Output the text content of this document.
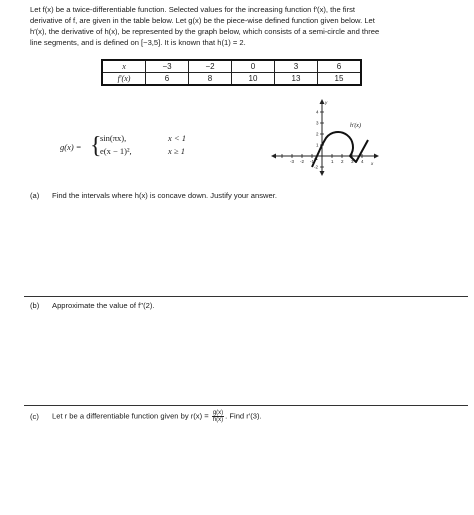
Let f(x) be a twice-differentiable function. Selected values for the increasing function f′(x), the first

derivative of f, are given in the table below. Let g(x) be the piece-wise defined function given below. Let

h′(x), the derivative of h(x), be represented by the graph below, which consists of a semi-circle and three

line segments, and is defined on [−3,5]. It is known that h(1) = 2.

x	−3	−2	0	3	6
f′(x)	6	8	10	13	15
g(x) = {
sin(πx),	x < 1
e(x − 1)²,	x ≥ 1
-3 -2 -1	1 2 3 4
4
3
2
1
-1
-2
y
x
h′(x)
(a) Find the intervals where h(x) is concave down. Justify your answer.
(b) Approximate the value of f′′(2).
(c) Let r be a differentiable function given by $r(x) = \frac{g(x)}{h(x)}$ . Find r′(3).
